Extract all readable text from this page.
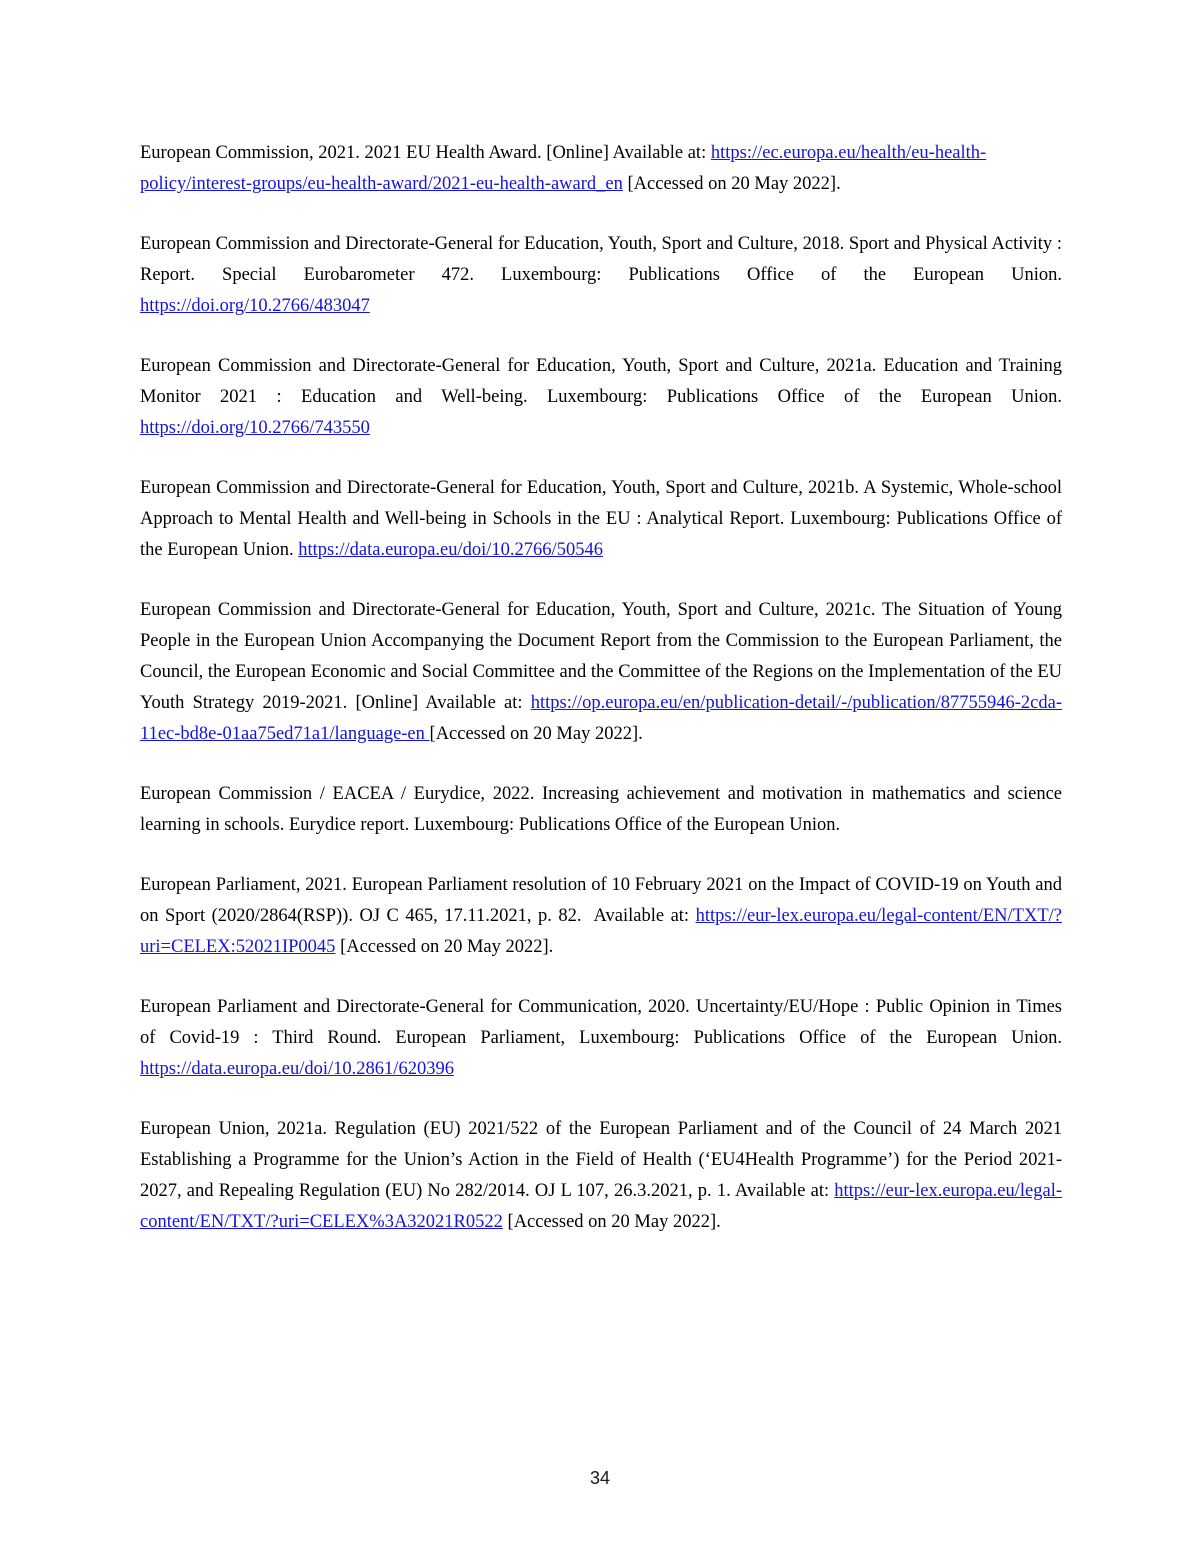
European Commission, 2021. 2021 EU Health Award. [Online] Available at: https://ec.europa.eu/health/eu-health-policy/interest-groups/eu-health-award/2021-eu-health-award_en [Accessed on 20 May 2022].

European Commission and Directorate-General for Education, Youth, Sport and Culture, 2018. Sport and Physical Activity : Report. Special Eurobarometer 472. Luxembourg: Publications Office of the European Union. https://doi.org/10.2766/483047

European Commission and Directorate-General for Education, Youth, Sport and Culture, 2021a. Education and Training Monitor 2021 : Education and Well-being. Luxembourg: Publications Office of the European Union. https://doi.org/10.2766/743550

European Commission and Directorate-General for Education, Youth, Sport and Culture, 2021b. A Systemic, Whole-school Approach to Mental Health and Well-being in Schools in the EU : Analytical Report. Luxembourg: Publications Office of the European Union. https://data.europa.eu/doi/10.2766/50546

European Commission and Directorate-General for Education, Youth, Sport and Culture, 2021c. The Situation of Young People in the European Union Accompanying the Document Report from the Commission to the European Parliament, the Council, the European Economic and Social Committee and the Committee of the Regions on the Implementation of the EU Youth Strategy 2019-2021. [Online] Available at: https://op.europa.eu/en/publication-detail/-/publication/87755946-2cda-11ec-bd8e-01aa75ed71a1/language-en [Accessed on 20 May 2022].

European Commission / EACEA / Eurydice, 2022. Increasing achievement and motivation in mathematics and science learning in schools. Eurydice report. Luxembourg: Publications Office of the European Union.

European Parliament, 2021. European Parliament resolution of 10 February 2021 on the Impact of COVID-19 on Youth and on Sport (2020/2864(RSP)). OJ C 465, 17.11.2021, p. 82.  Available at: https://eur-lex.europa.eu/legal-content/EN/TXT/?uri=CELEX:52021IP0045 [Accessed on 20 May 2022].

European Parliament and Directorate-General for Communication, 2020. Uncertainty/EU/Hope : Public Opinion in Times of Covid-19 : Third Round. European Parliament, Luxembourg: Publications Office of the European Union. https://data.europa.eu/doi/10.2861/620396

European Union, 2021a. Regulation (EU) 2021/522 of the European Parliament and of the Council of 24 March 2021 Establishing a Programme for the Union’s Action in the Field of Health (‘EU4Health Programme’) for the Period 2021-2027, and Repealing Regulation (EU) No 282/2014. OJ L 107, 26.3.2021, p. 1. Available at: https://eur-lex.europa.eu/legal-content/EN/TXT/?uri=CELEX%3A32021R0522 [Accessed on 20 May 2022].

34
